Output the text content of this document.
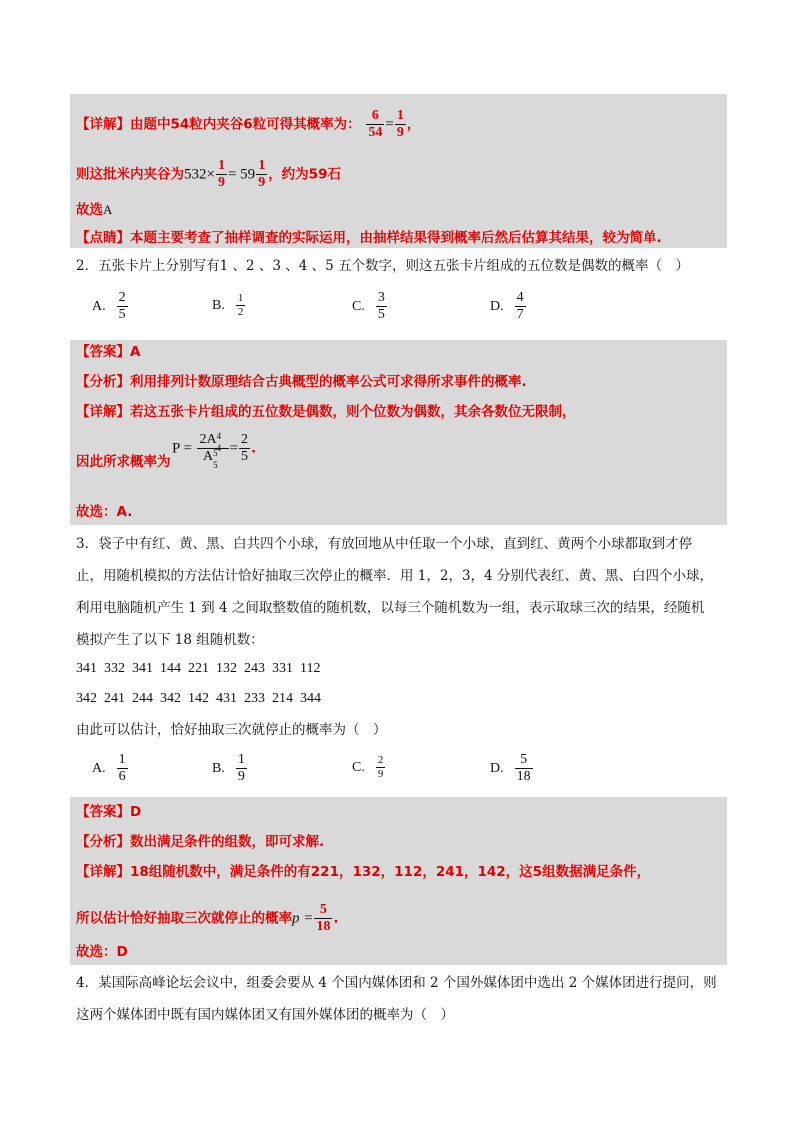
【详解】由题中54粒内夹谷6粒可得其概率为： $\frac{6}{54} = \frac{1}{9}$ ，
则这批米内夹谷为$532\times \frac{1}{9} = 59 \frac{1}{9}$ ，约为59石
故选A
【点睛】本题主要考查了抽样调查的实际运用，由抽样结果得到概率后然后估算其结果，较为简单.
2．五张卡片上分别写有1 、2 、3 、4 、5 五个数字，则这五张卡片组成的五位数是偶数的概率（　）
A. $\frac{2}{5}$	B. $\frac{1}{2}$	C. $\frac{3}{5}$	D. $\frac{4}{7}$
【答案】A
【分析】利用排列计数原理结合古典概型的概率公式可求得所求事件的概率.
【详解】若这五张卡片组成的五位数是偶数，则个位数为偶数，其余各数位无限制，
P = 2A 4
4
A 5
$5 = \frac{2}{5}$ .
因此所求概率为
故选：A.
3．袋子中有红、黄、黑、白共四个小球，有放回地从中任取一个小球，直到红、黄两个小球都取到才停
止，用随机模拟的方法估计恰好抽取三次停止的概率．用 1，2，3，4 分别代表红、黄、黑、白四个小球，
利用电脑随机产生 1 到 4 之间取整数值的随机数，以每三个随机数为一组，表示取球三次的结果，经随机
模拟产生了以下 18 组随机数：
341  332  341  144  221  132  243  331  112
342  241  244  342  142  431  233  214  344
由此可以估计，恰好抽取三次就停止的概率为（　）
A. $\frac{1}{6}$	B. $\frac{1}{9}$	C. $\frac{2}{9}$	D. $\frac{5}{18}$
【答案】D
【分析】数出满足条件的组数，即可求解.
【详解】18组随机数中，满足条件的有221，132，112，241，142，这5组数据满足条件，
所以估计恰好抽取三次就停止的概率$p = \frac{5}{18}$ .
故选：D
4．某国际高峰论坛会议中，组委会要从 4 个国内媒体团和 2 个国外媒体团中选出 2 个媒体团进行提问，则
这两个媒体团中既有国内媒体团又有国外媒体团的概率为（　）
